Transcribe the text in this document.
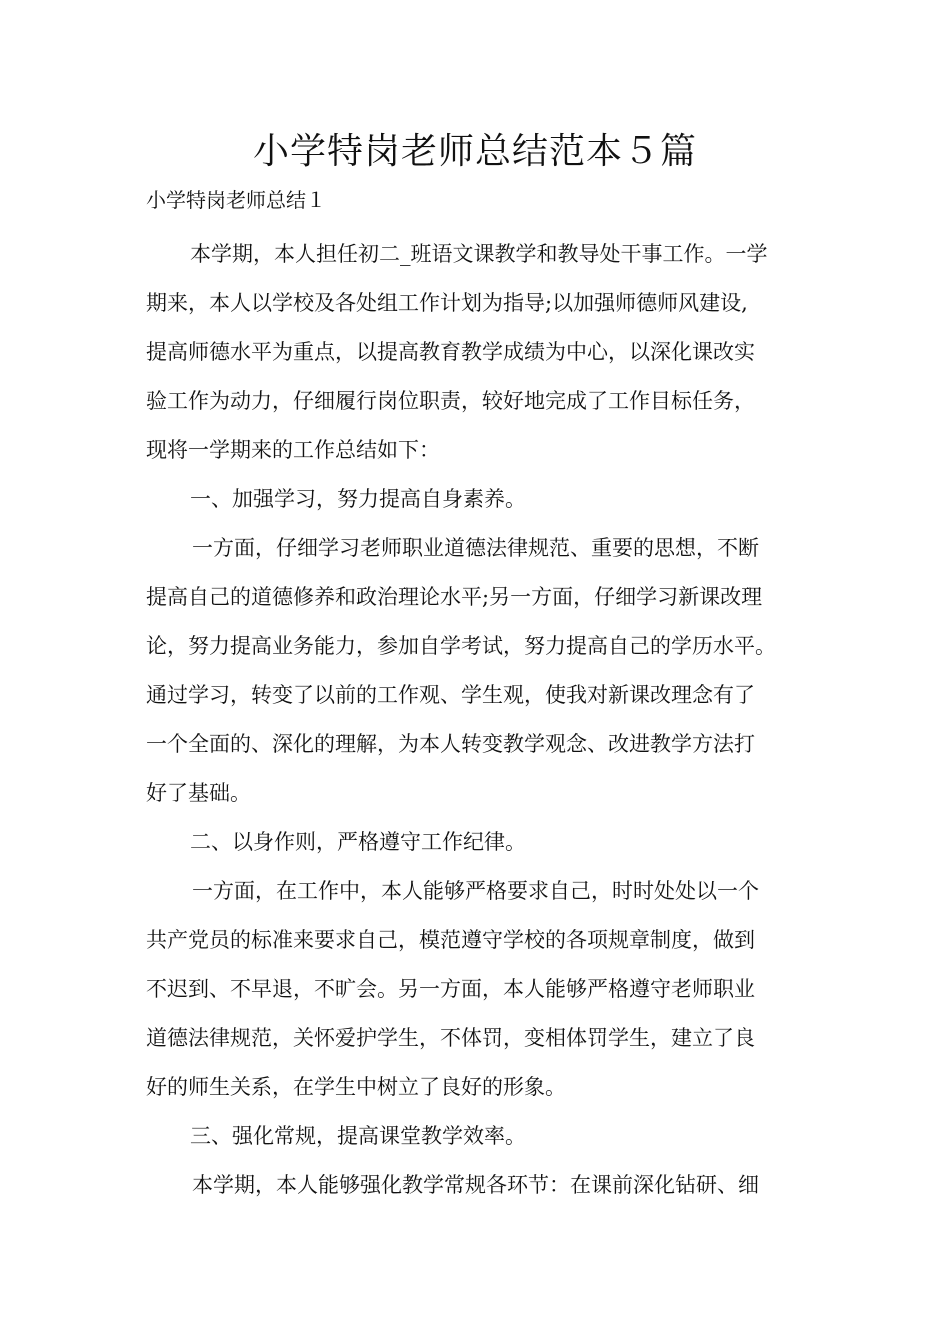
小学特岗老师总结范本５篇

小学特岗老师总结１

本学期，本人担任初二_班语文课教学和教导处干事工作。一学
期来，本人以学校及各处组工作计划为指导;以加强师德师风建设,
提高师德水平为重点，以提高教育教学成绩为中心，以深化课改实
验工作为动力，仔细履行岗位职责，较好地完成了工作目标任务，
现将一学期来的工作总结如下：
一、加强学习，努力提高自身素养。
一方面，仔细学习老师职业道德法律规范、重要的思想，不断
提高自己的道德修养和政治理论水平;另一方面，仔细学习新课改理
论，努力提高业务能力，参加自学考试，努力提高自己的学历水平。
通过学习，转变了以前的工作观、学生观，使我对新课改理念有了
一个全面的、深化的理解，为本人转变教学观念、改进教学方法打
好了基础。
二、以身作则，严格遵守工作纪律。
一方面，在工作中，本人能够严格要求自己，时时处处以一个
共产党员的标准来要求自己，模范遵守学校的各项规章制度，做到
不迟到、不早退，不旷会。另一方面，本人能够严格遵守老师职业
道德法律规范，关怀爱护学生，不体罚，变相体罚学生，建立了良
好的师生关系，在学生中树立了良好的形象。
三、强化常规，提高课堂教学效率。
本学期，本人能够强化教学常规各环节：在课前深化钻研、细
